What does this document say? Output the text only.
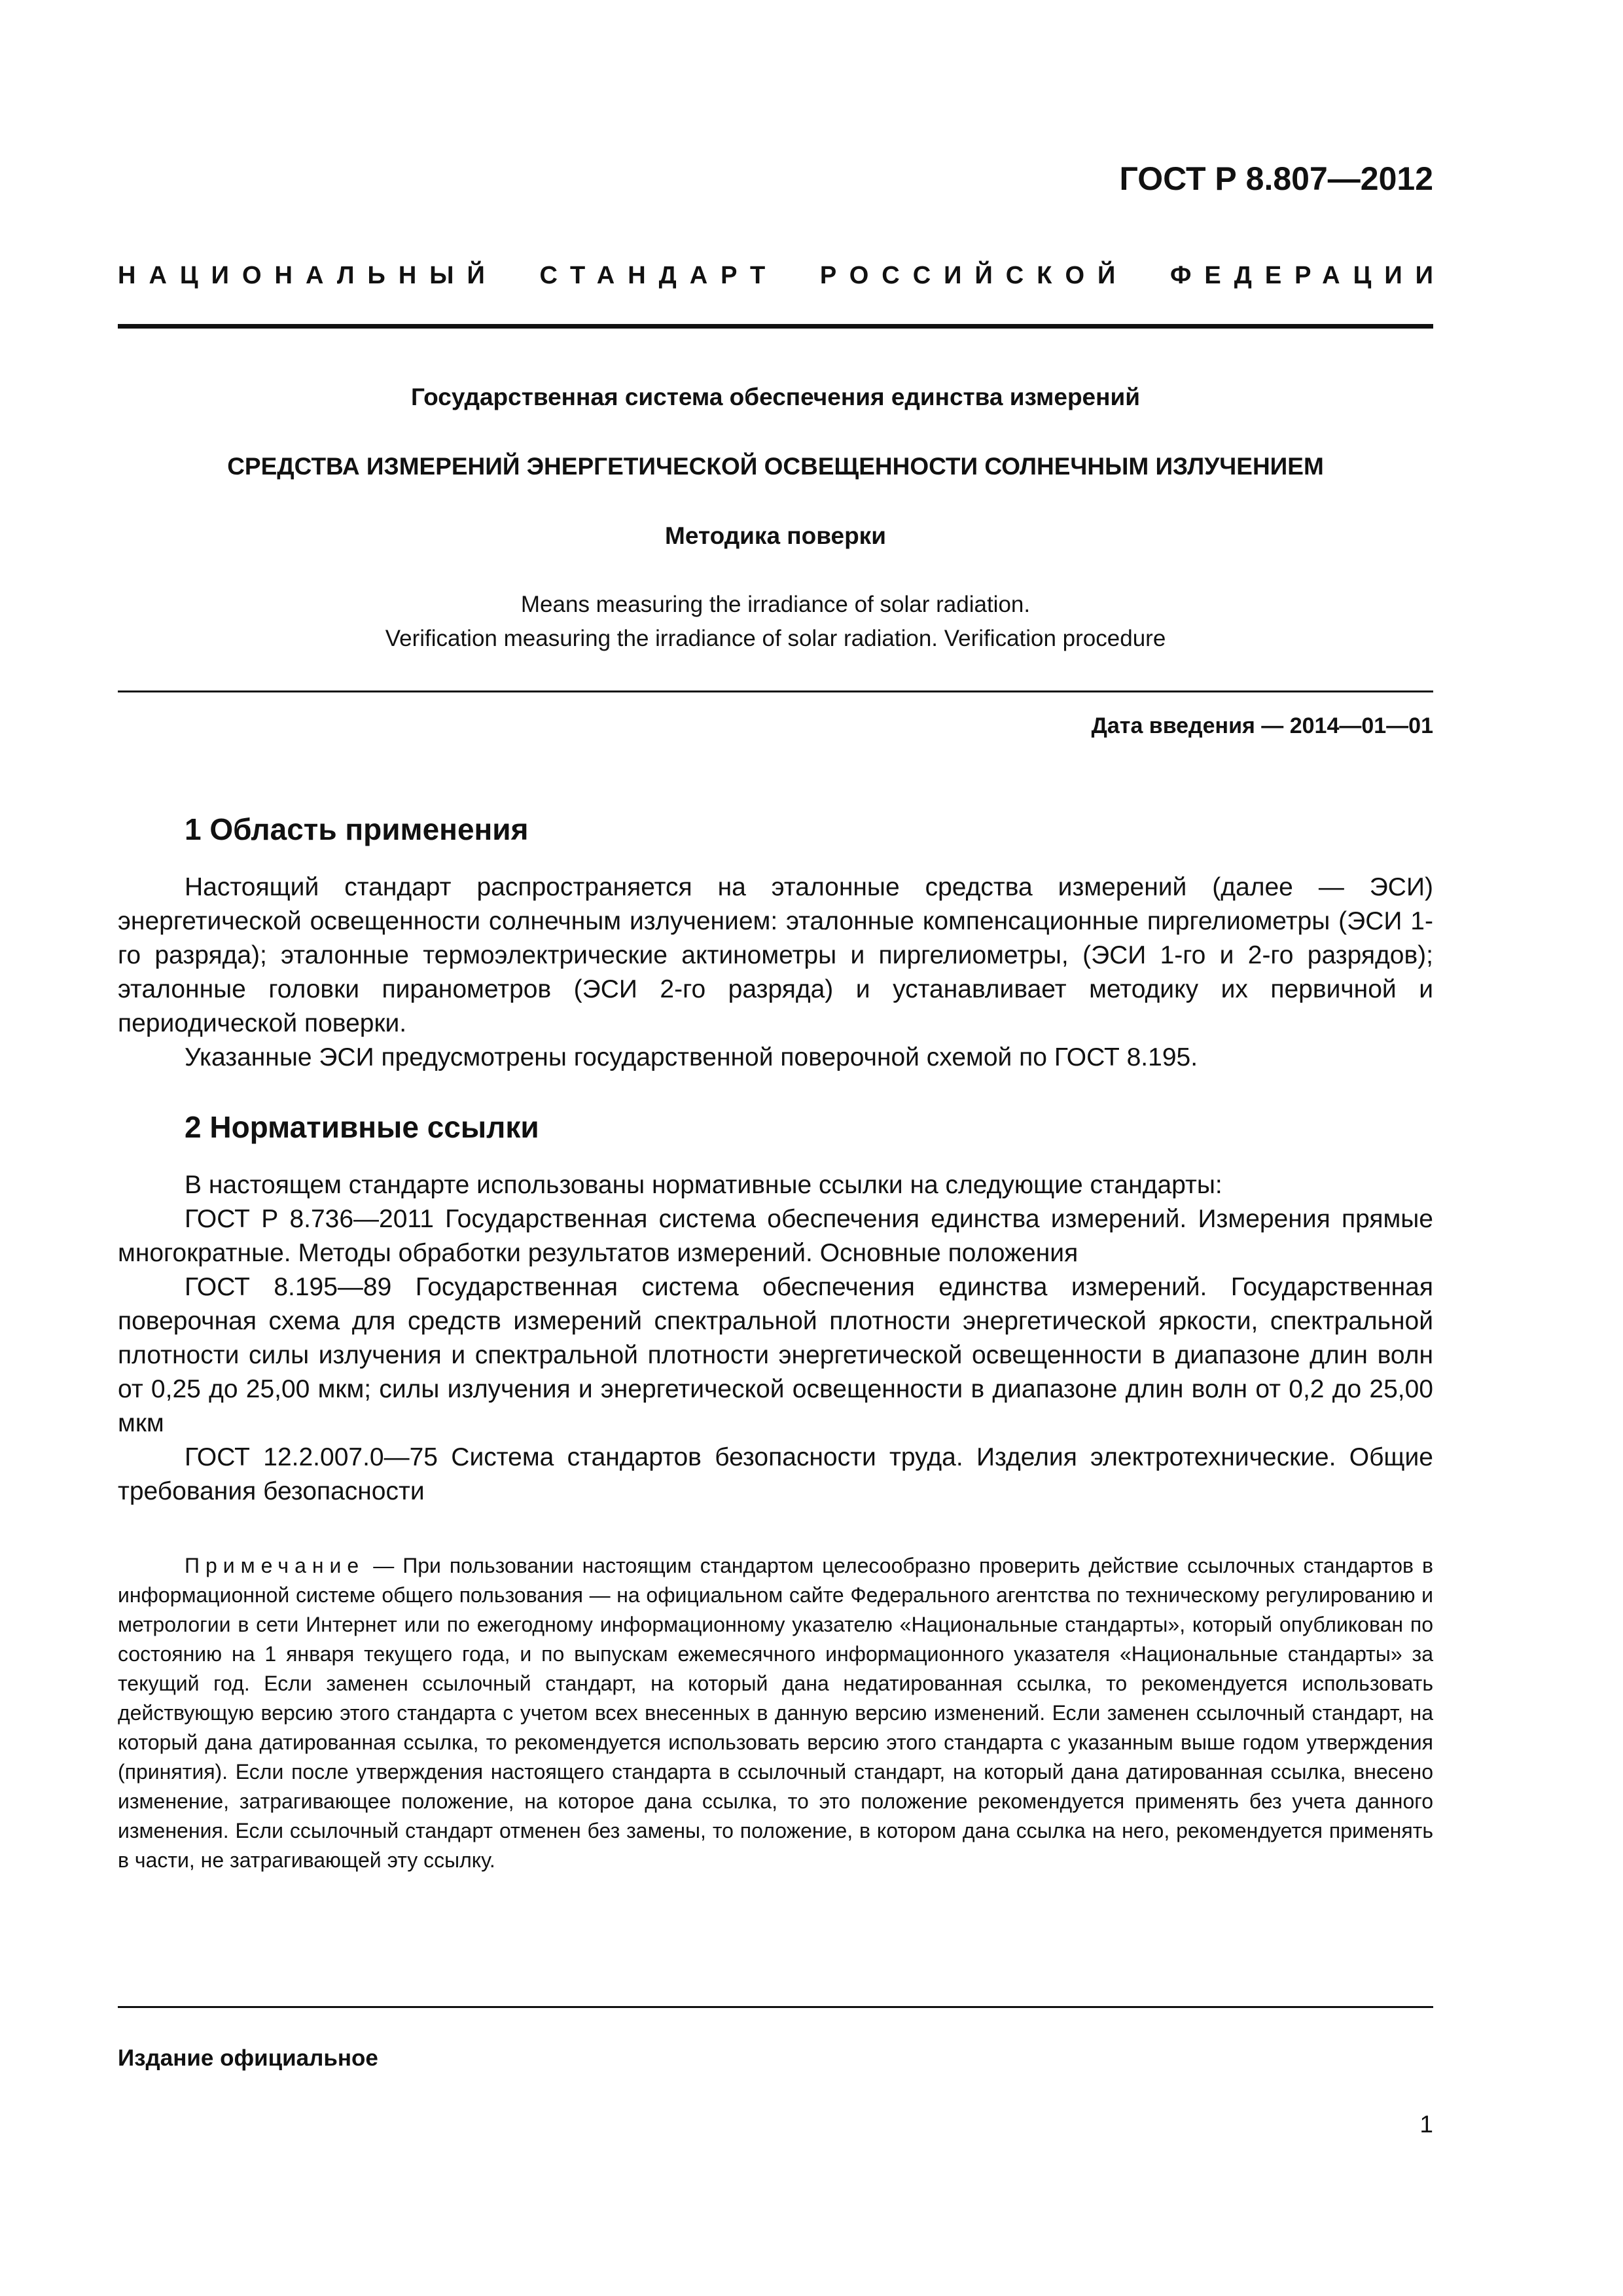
ГОСТ Р 8.807—2012
НАЦИОНАЛЬНЫЙ СТАНДАРТ РОССИЙСКОЙ ФЕДЕРАЦИИ
Государственная система обеспечения единства измерений
СРЕДСТВА ИЗМЕРЕНИЙ ЭНЕРГЕТИЧЕСКОЙ ОСВЕЩЕННОСТИ СОЛНЕЧНЫМ ИЗЛУЧЕНИЕМ
Методика поверки
Means measuring the irradiance of solar radiation.
Verification measuring the irradiance of solar radiation. Verification procedure
Дата введения — 2014—01—01
1 Область применения

Настоящий стандарт распространяется на эталонные средства измерений (далее — ЭСИ) энергетической освещенности солнечным излучением: эталонные компенсационные пиргелиометры (ЭСИ 1-го разряда); эталонные термоэлектрические актинометры и пиргелиометры, (ЭСИ 1-го и 2-го разрядов); эталонные головки пиранометров (ЭСИ 2-го разряда) и устанавливает методику их первичной и периодической поверки.

Указанные ЭСИ предусмотрены государственной поверочной схемой по ГОСТ 8.195.

2 Нормативные ссылки

В настоящем стандарте использованы нормативные ссылки на следующие стандарты:

ГОСТ Р 8.736—2011 Государственная система обеспечения единства измерений. Измерения прямые многократные. Методы обработки результатов измерений. Основные положения

ГОСТ 8.195—89 Государственная система обеспечения единства измерений. Государственная поверочная схема для средств измерений спектральной плотности энергетической яркости, спектральной плотности силы излучения и спектральной плотности энергетической освещенности в диапазоне длин волн от 0,25 до 25,00 мкм; силы излучения и энергетической освещенности в диапазоне длин волн от 0,2 до 25,00 мкм

ГОСТ 12.2.007.0—75 Система стандартов безопасности труда. Изделия электротехнические. Общие требования безопасности

Примечание — При пользовании настоящим стандартом целесообразно проверить действие ссылочных стандартов в информационной системе общего пользования — на официальном сайте Федерального агентства по техническому регулированию и метрологии в сети Интернет или по ежегодному информационному указателю «Национальные стандарты», который опубликован по состоянию на 1 января текущего года, и по выпускам ежемесячного информационного указателя «Национальные стандарты» за текущий год. Если заменен ссылочный стандарт, на который дана недатированная ссылка, то рекомендуется использовать действующую версию этого стандарта с учетом всех внесенных в данную версию изменений. Если заменен ссылочный стандарт, на который дана датированная ссылка, то рекомендуется использовать версию этого стандарта с указанным выше годом утверждения (принятия). Если после утверждения настоящего стандарта в ссылочный стандарт, на который дана датированная ссылка, внесено изменение, затрагивающее положение, на которое дана ссылка, то это положение рекомендуется применять без учета данного изменения. Если ссылочный стандарт отменен без замены, то положение, в котором дана ссылка на него, рекомендуется применять в части, не затрагивающей эту ссылку.

Издание официальное
1
